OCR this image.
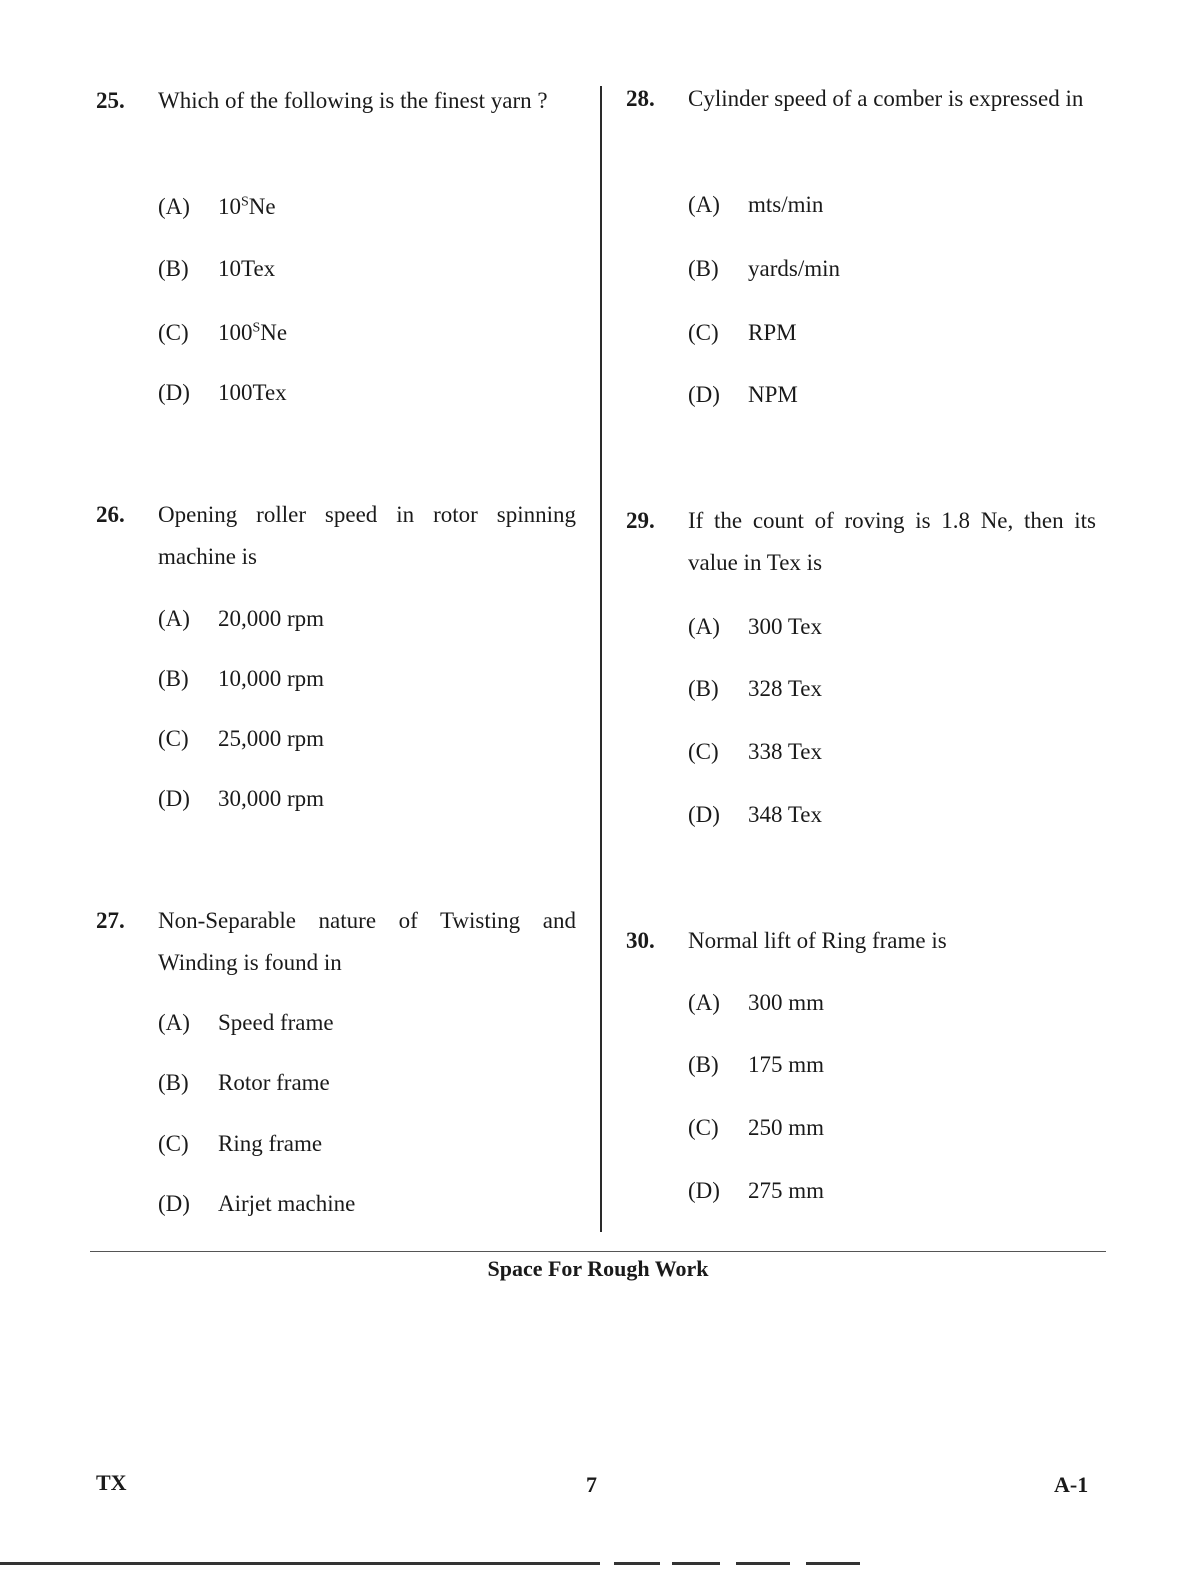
25. Which of the following is the finest yarn ?
(A) $10^SNe$
(B) 10Tex
(C) $100^SNe$
(D) 100Tex
26. Opening roller speed in rotor spinning machine is
(A) 20,000 rpm
(B) 10,000 rpm
(C) 25,000 rpm
(D) 30,000 rpm
27. Non-Separable nature of Twisting and Winding is found in
(A) Speed frame
(B) Rotor frame
(C) Ring frame
(D) Airjet machine
28. Cylinder speed of a comber is expressed in
(A) mts/min
(B) yards/min
(C) RPM
(D) NPM
29. If the count of roving is 1.8 Ne, then its value in Tex is
(A) 300 Tex
(B) 328 Tex
(C) 338 Tex
(D) 348 Tex
30. Normal lift of Ring frame is
(A) 300 mm
(B) 175 mm
(C) 250 mm
(D) 275 mm
Space For Rough Work
TX	7	A-1
